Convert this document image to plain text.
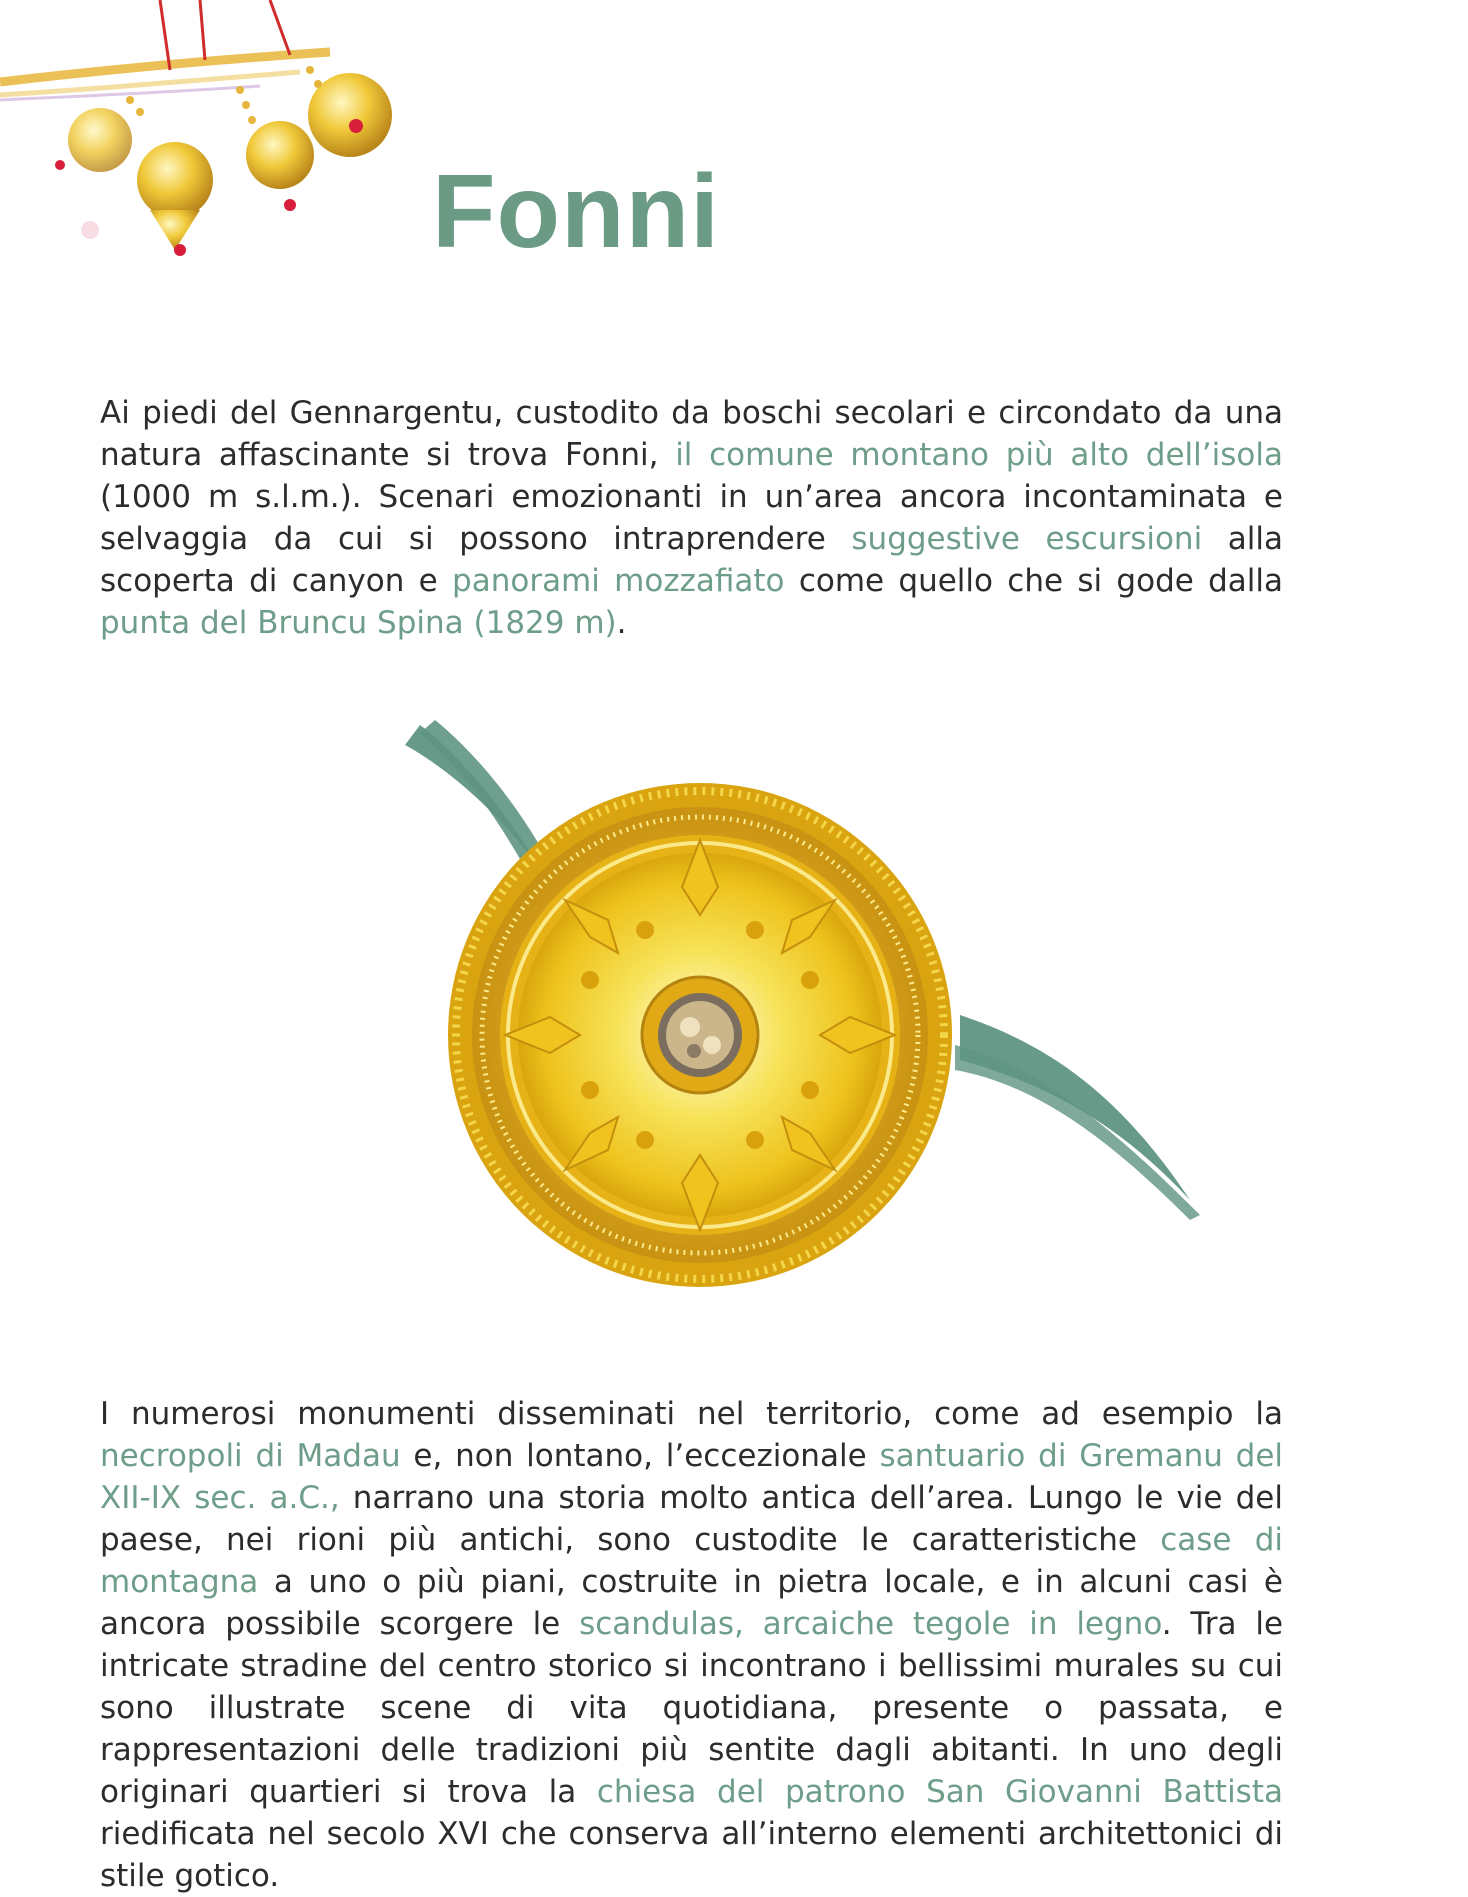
Fonni

Ai piedi del Gennargentu, custodito da boschi secolari e circondato da una natura affascinante si trova Fonni, il comune montano più alto dell’isola (1000 m s.l.m.). Scenari emozionanti in un’area ancora incontaminata e selvaggia da cui si possono intraprendere suggestive escursioni alla scoperta di canyon e panorami mozzafiato come quello che si gode dalla punta del Bruncu Spina (1829 m).

I numerosi monumenti disseminati nel territorio, come ad esempio la necropoli di Madau e, non lontano, l’eccezionale santuario di Gremanu del XII-IX sec. a.C., narrano una storia molto antica dell’area. Lungo le vie del paese, nei rioni più antichi, sono custodite le caratteristiche case di montagna a uno o più piani, costruite in pietra locale, e in alcuni casi è ancora possibile scorgere le scandulas, arcaiche tegole in legno. Tra le intricate stradine del centro storico si incontrano i bellissimi murales su cui sono illustrate scene di vita quotidiana, presente o passata, e rappresentazioni delle tradizioni più sentite dagli abitanti. In uno degli originari quartieri si trova la chiesa del patrono San Giovanni Battista riedificata nel secolo XVI che conserva all’interno elementi architettonici di stile gotico.
